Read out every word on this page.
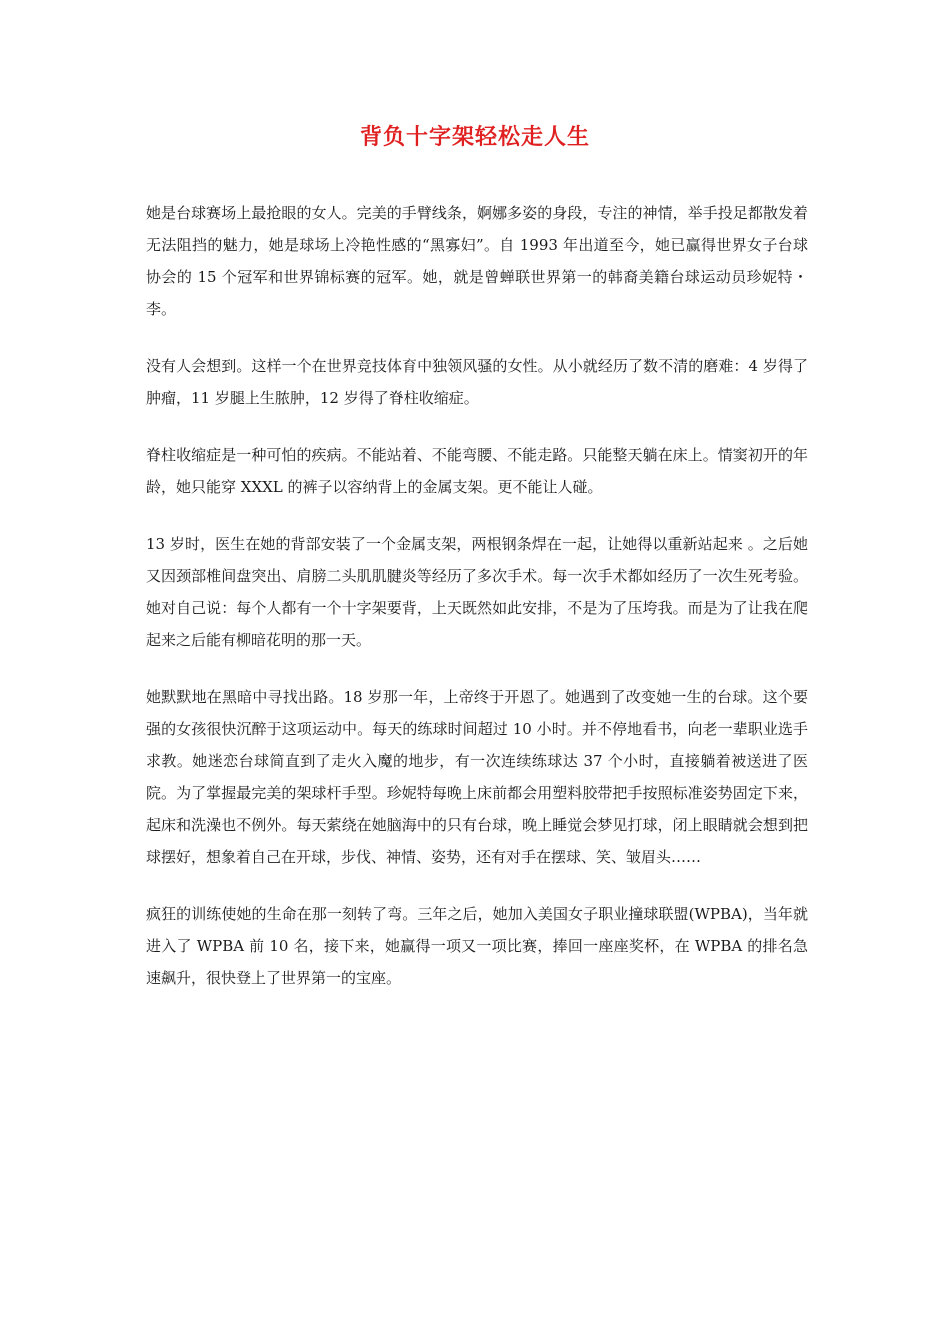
背负十字架轻松走人生

她是台球赛场上最抢眼的女人。完美的手臂线条，婀娜多姿的身段，专注的神情，举手投足都散发着无法阻挡的魅力，她是球场上冷艳性感的“黑寡妇”。自 1993 年出道至今，她已赢得世界女子台球协会的 15 个冠军和世界锦标赛的冠军。她，就是曾蝉联世界第一的韩裔美籍台球运动员珍妮特・李。

没有人会想到。这样一个在世界竞技体育中独领风骚的女性。从小就经历了数不清的磨难：4 岁得了肿瘤，11 岁腿上生脓肿，12 岁得了脊柱收缩症。

脊柱收缩症是一种可怕的疾病。不能站着、不能弯腰、不能走路。只能整天躺在床上。情窦初开的年龄，她只能穿 XXXL 的裤子以容纳背上的金属支架。更不能让人碰。

13 岁时，医生在她的背部安装了一个金属支架，两根钢条焊在一起，让她得以重新站起来 。之后她又因颈部椎间盘突出、肩膀二头肌肌腱炎等经历了多次手术。每一次手术都如经历了一次生死考验。她对自己说：每个人都有一个十字架要背，上天既然如此安排，不是为了压垮我。而是为了让我在爬起来之后能有柳暗花明的那一天。

她默默地在黑暗中寻找出路。18 岁那一年，上帝终于开恩了。她遇到了改变她一生的台球。这个要强的女孩很快沉醉于这项运动中。每天的练球时间超过 10 小时。并不停地看书，向老一辈职业选手求教。她迷恋台球简直到了走火入魔的地步，有一次连续练球达 37 个小时，直接躺着被送进了医院。为了掌握最完美的架球杆手型。珍妮特每晚上床前都会用塑料胶带把手按照标准姿势固定下来，起床和洗澡也不例外。每天萦绕在她脑海中的只有台球，晚上睡觉会梦见打球，闭上眼睛就会想到把球摆好，想象着自己在开球，步伐、神情、姿势，还有对手在摆球、笑、皱眉头……

疯狂的训练使她的生命在那一刻转了弯。三年之后，她加入美国女子职业撞球联盟(WPBA)，当年就进入了 WPBA 前 10 名，接下来，她赢得一项又一项比赛，捧回一座座奖杯，在 WPBA 的排名急速飙升，很快登上了世界第一的宝座。
